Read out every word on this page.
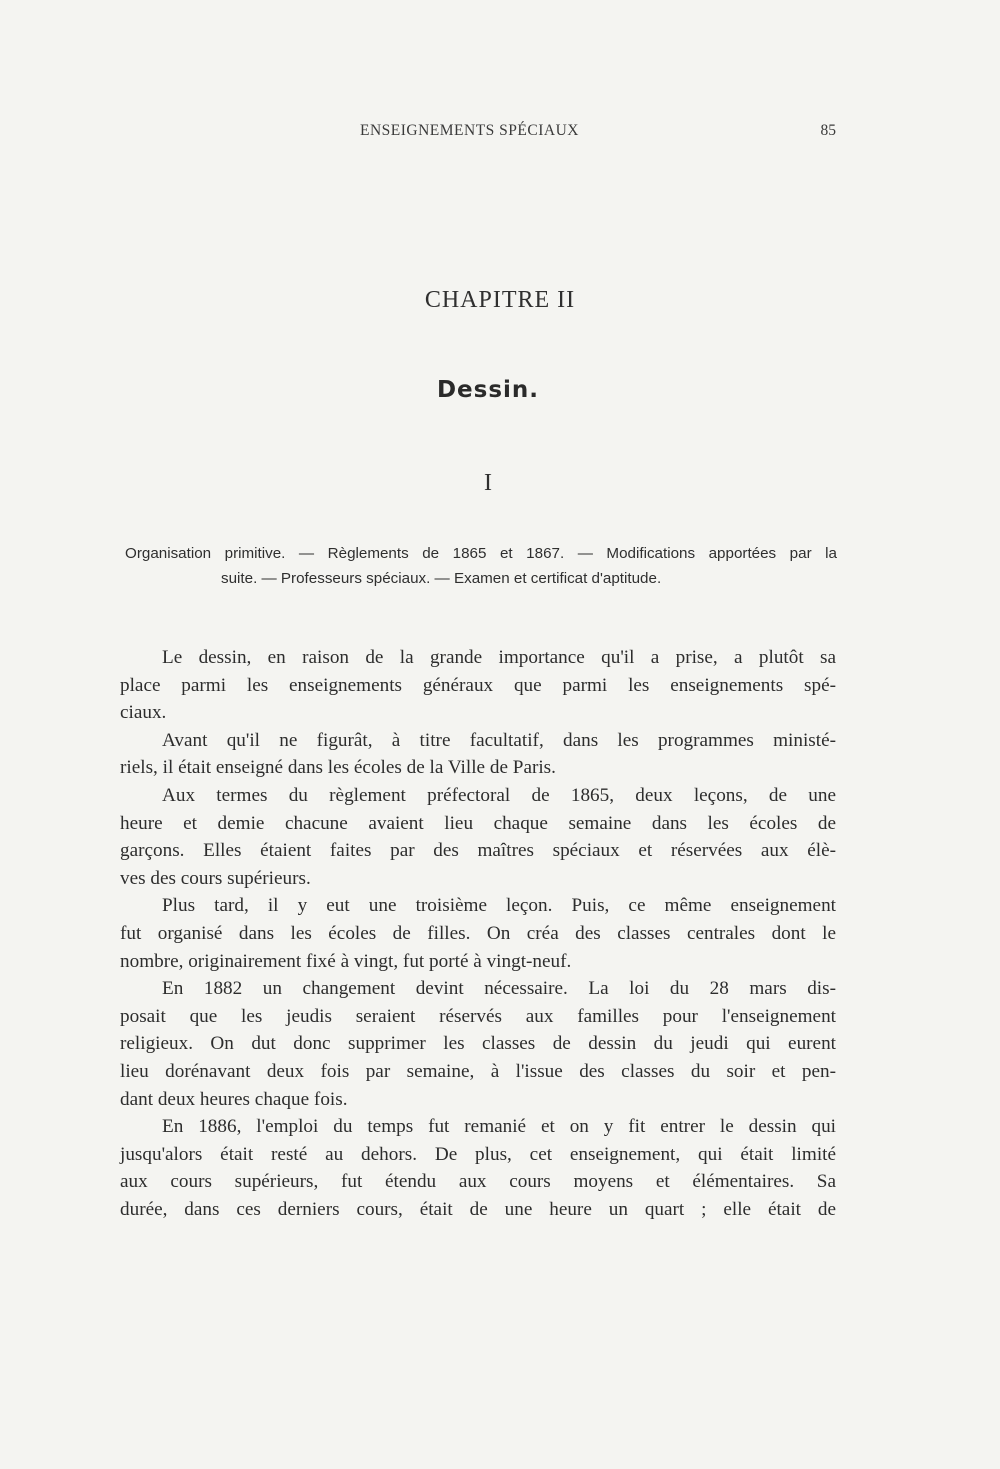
ENSEIGNEMENTS SPÉCIAUX	85
CHAPITRE II
Dessin.
I
Organisation primitive. — Règlements de 1865 et 1867. — Modifications apportées par la
suite. — Professeurs spéciaux. — Examen et certificat d'aptitude.
Le dessin, en raison de la grande importance qu'il a prise, a plutôt sa
place parmi les enseignements généraux que parmi les enseignements spé-
ciaux.
Avant qu'il ne figurât, à titre facultatif, dans les programmes ministé-
riels, il était enseigné dans les écoles de la Ville de Paris.
Aux termes du règlement préfectoral de 1865, deux leçons, de une
heure et demie chacune avaient lieu chaque semaine dans les écoles de
garçons. Elles étaient faites par des maîtres spéciaux et réservées aux élè-
ves des cours supérieurs.
Plus tard, il y eut une troisième leçon. Puis, ce même enseignement
fut organisé dans les écoles de filles. On créa des classes centrales dont le
nombre, originairement fixé à vingt, fut porté à vingt-neuf.
En 1882 un changement devint nécessaire. La loi du 28 mars dis-
posait que les jeudis seraient réservés aux familles pour l'enseignement
religieux. On dut donc supprimer les classes de dessin du jeudi qui eurent
lieu dorénavant deux fois par semaine, à l'issue des classes du soir et pen-
dant deux heures chaque fois.
En 1886, l'emploi du temps fut remanié et on y fit entrer le dessin qui
jusqu'alors était resté au dehors. De plus, cet enseignement, qui était limité
aux cours supérieurs, fut étendu aux cours moyens et élémentaires. Sa
durée, dans ces derniers cours, était de une heure un quart ; elle était de
